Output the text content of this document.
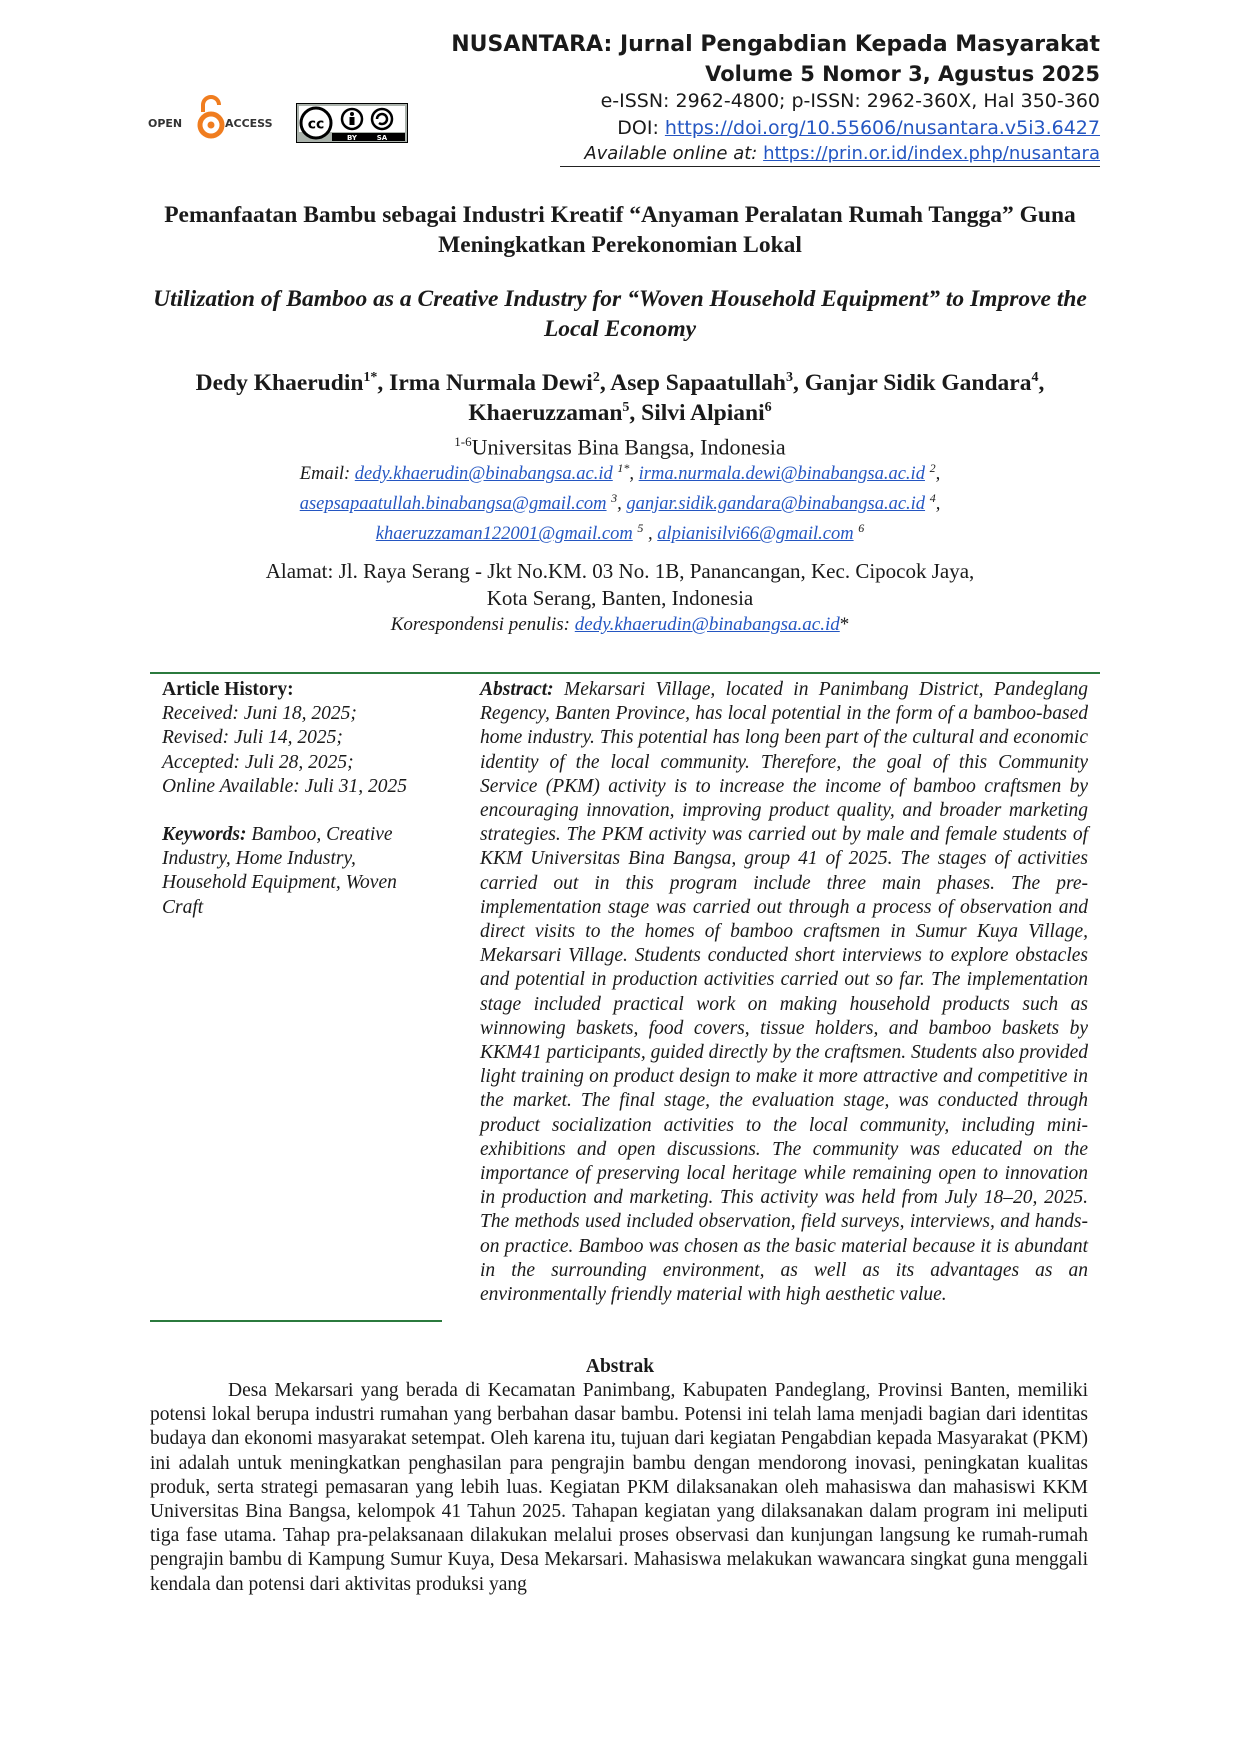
OPEN	ACCESS	cc
BY	SA

NUSANTARA: Jurnal Pengabdian Kepada Masyarakat

Volume 5 Nomor 3, Agustus 2025

e-ISSN: 2962-4800; p-ISSN: 2962-360X, Hal 350-360

DOI: https://doi.org/10.55606/nusantara.v5i3.6427

Available online at: https://prin.or.id/index.php/nusantara

Pemanfaatan Bambu sebagai Industri Kreatif “Anyaman Peralatan Rumah Tangga” Guna Meningkatkan Perekonomian Lokal

Utilization of Bamboo as a Creative Industry for “Woven Household Equipment” to Improve the Local Economy

Dedy Khaerudin$^{1*}$, Irma Nurmala Dewi$^2$, Asep Sapaatullah$^3$, Ganjar Sidik Gandara$^4$,
Khaeruzzaman$^5$, Silvi Alpiani$^6$

$^{1-6}$Universitas Bina Bangsa, Indonesia

Email: dedy.khaerudin@binabangsa.ac.id $^{1*}$, irma.nurmala.dewi@binabangsa.ac.id $^2$,
asepsapaatullah.binabangsa@gmail.com $^3$, ganjar.sidik.gandara@binabangsa.ac.id $^4$,
khaeruzzaman122001@gmail.com $^5$ , alpianisilvi66@gmail.com $^6$

Alamat: Jl. Raya Serang - Jkt No.KM. 03 No. 1B, Panancangan, Kec. Cipocok Jaya,
Kota Serang, Banten, Indonesia

Korespondensi penulis: dedy.khaerudin@binabangsa.ac.id*

Article History:

Received: Juni 18, 2025;

Revised: Juli 14, 2025;

Accepted: Juli 28, 2025;

Online Available: Juli 31, 2025

Keywords: Bamboo, Creative Industry, Home Industry, Household Equipment, Woven Craft

Abstract: Mekarsari Village, located in Panimbang District, Pandeglang Regency, Banten Province, has local potential in the form of a bamboo-based home industry. This potential has long been part of the cultural and economic identity of the local community. Therefore, the goal of this Community Service (PKM) activity is to increase the income of bamboo craftsmen by encouraging innovation, improving product quality, and broader marketing strategies. The PKM activity was carried out by male and female students of KKM Universitas Bina Bangsa, group 41 of 2025. The stages of activities carried out in this program include three main phases. The pre-implementation stage was carried out through a process of observation and direct visits to the homes of bamboo craftsmen in Sumur Kuya Village, Mekarsari Village. Students conducted short interviews to explore obstacles and potential in production activities carried out so far. The implementation stage included practical work on making household products such as winnowing baskets, food covers, tissue holders, and bamboo baskets by KKM41 participants, guided directly by the craftsmen. Students also provided light training on product design to make it more attractive and competitive in the market. The final stage, the evaluation stage, was conducted through product socialization activities to the local community, including mini-exhibitions and open discussions. The community was educated on the importance of preserving local heritage while remaining open to innovation in production and marketing. This activity was held from July 18–20, 2025. The methods used included observation, field surveys, interviews, and hands-on practice. Bamboo was chosen as the basic material because it is abundant in the surrounding environment, as well as its advantages as an environmentally friendly material with high aesthetic value.

Abstrak

Desa Mekarsari yang berada di Kecamatan Panimbang, Kabupaten Pandeglang, Provinsi Banten, memiliki potensi lokal berupa industri rumahan yang berbahan dasar bambu. Potensi ini telah lama menjadi bagian dari identitas budaya dan ekonomi masyarakat setempat. Oleh karena itu, tujuan dari kegiatan Pengabdian kepada Masyarakat (PKM) ini adalah untuk meningkatkan penghasilan para pengrajin bambu dengan mendorong inovasi, peningkatan kualitas produk, serta strategi pemasaran yang lebih luas. Kegiatan PKM dilaksanakan oleh mahasiswa dan mahasiswi KKM Universitas Bina Bangsa, kelompok 41 Tahun 2025. Tahapan kegiatan yang dilaksanakan dalam program ini meliputi tiga fase utama. Tahap pra-pelaksanaan dilakukan melalui proses observasi dan kunjungan langsung ke rumah-rumah pengrajin bambu di Kampung Sumur Kuya, Desa Mekarsari. Mahasiswa melakukan wawancara singkat guna menggali kendala dan potensi dari aktivitas produksi yang
